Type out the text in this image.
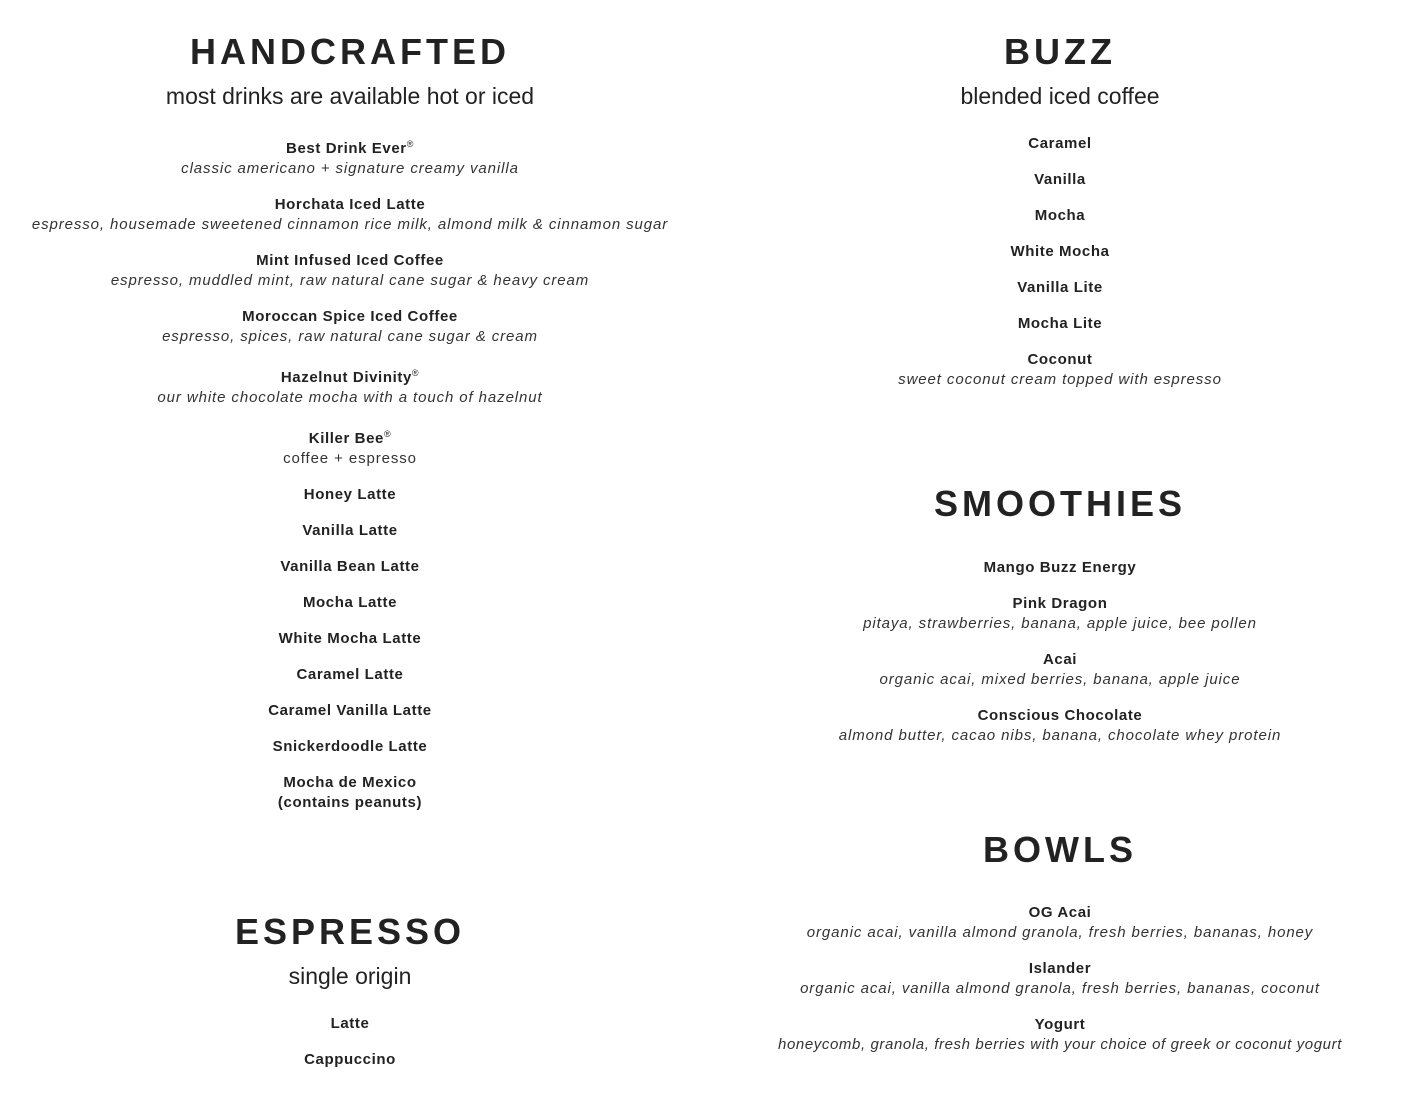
HANDCRAFTED

most drinks are available hot or iced

Best Drink Ever®
classic americano + signature creamy vanilla
Horchata Iced Latte
espresso, housemade sweetened cinnamon rice milk, almond milk & cinnamon sugar
Mint Infused Iced Coffee
espresso, muddled mint, raw natural cane sugar & heavy cream
Moroccan Spice Iced Coffee
espresso, spices, raw natural cane sugar & cream
Hazelnut Divinity®
our white chocolate mocha with a touch of hazelnut
Killer Bee®
coffee + espresso
Honey Latte
Vanilla Latte
Vanilla Bean Latte
Mocha Latte
White Mocha Latte
Caramel Latte
Caramel Vanilla Latte
Snickerdoodle Latte
Mocha de Mexico
(contains peanuts)
ESPRESSO

single origin

Latte
Cappuccino
BUZZ

blended iced coffee

Caramel
Vanilla
Mocha
White Mocha
Vanilla Lite
Mocha Lite
Coconut
sweet coconut cream topped with espresso
SMOOTHIES
Mango Buzz Energy
Pink Dragon
pitaya, strawberries, banana, apple juice, bee pollen
Acai
organic acai, mixed berries, banana, apple juice
Conscious Chocolate
almond butter, cacao nibs, banana, chocolate whey protein
BOWLS
OG Acai
organic acai, vanilla almond granola, fresh berries, bananas, honey
Islander
organic acai, vanilla almond granola, fresh berries, bananas, coconut
Yogurt
honeycomb, granola, fresh berries with your choice of greek or coconut yogurt
